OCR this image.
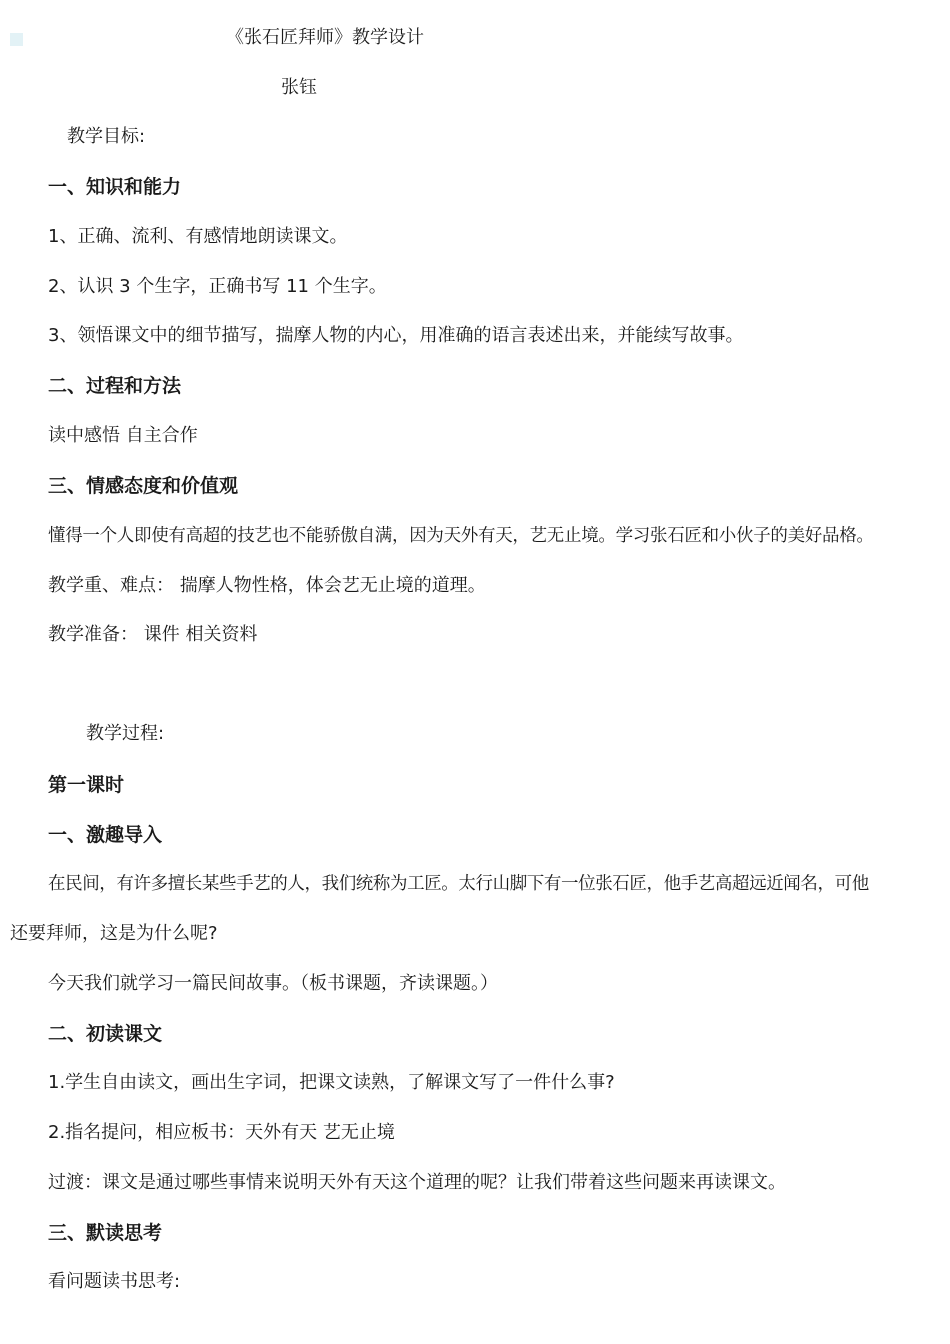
《张石匠拜师》教学设计

张钰

教学目标:

一、知识和能力

1、正确、流利、有感情地朗读课文。

2、认识 3 个生字，正确书写 11 个生字。

3、领悟课文中的细节描写，揣摩人物的内心，用准确的语言表述出来，并能续写故事。

二、过程和方法

读中感悟 自主合作

三、情感态度和价值观

懂得一个人即使有高超的技艺也不能骄傲自满，因为天外有天，艺无止境。学习张石匠和小伙子的美好品格。

教学重、难点： 揣摩人物性格，体会艺无止境的道理。

教学准备： 课件 相关资料

教学过程:

第一课时

一、激趣导入

在民间，有许多擅长某些手艺的人，我们统称为工匠。太行山脚下有一位张石匠，他手艺高超远近闻名，可他

还要拜师，这是为什么呢?

今天我们就学习一篇民间故事。（板书课题，齐读课题。）

二、初读课文

1.学生自由读文，画出生字词，把课文读熟，了解课文写了一件什么事?

2.指名提问，相应板书：天外有天 艺无止境

过渡：课文是通过哪些事情来说明天外有天这个道理的呢？让我们带着这些问题来再读课文。

三、默读思考

看问题读书思考:
